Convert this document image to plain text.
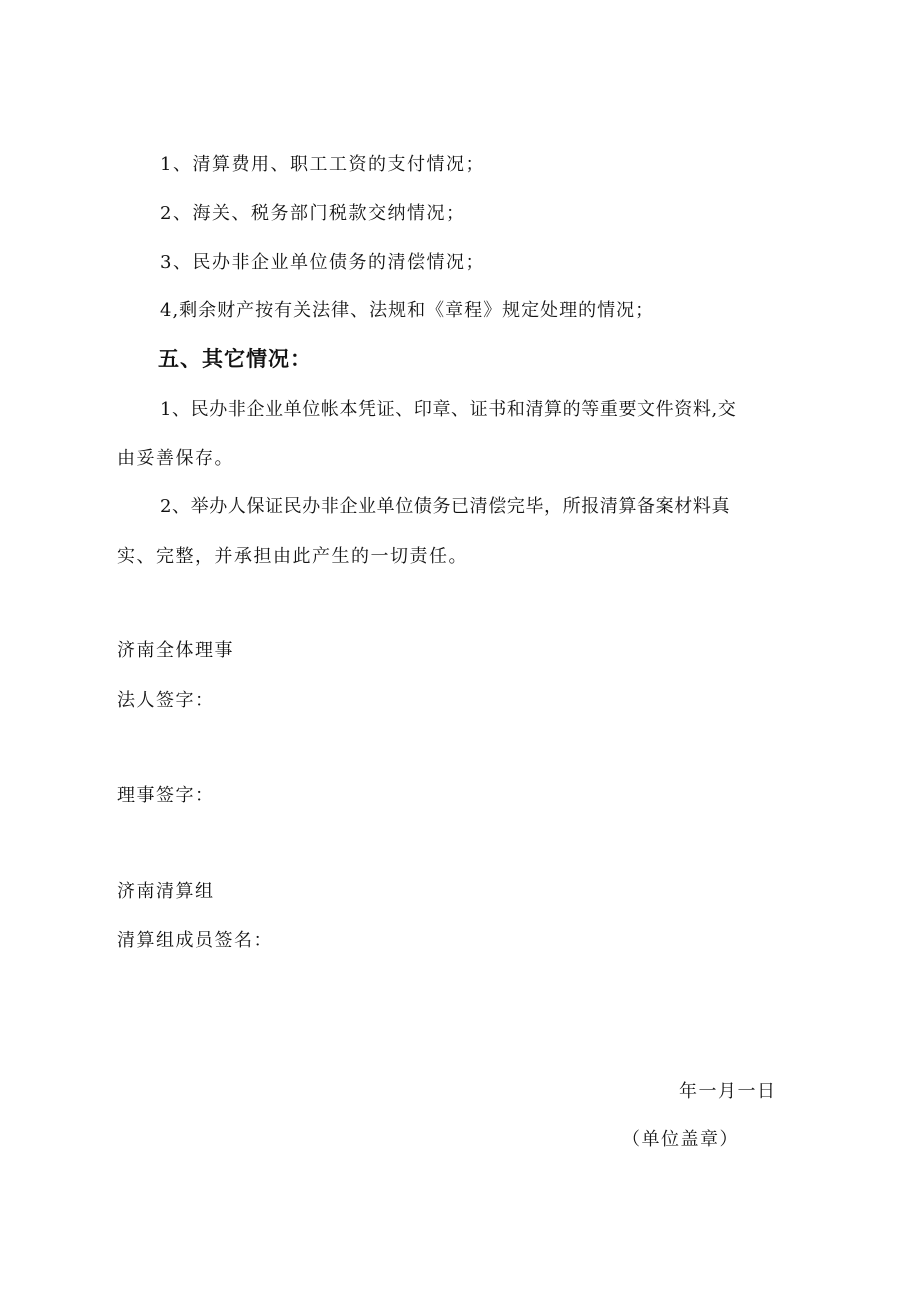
1、清算费用、职工工资的支付情况；
2、海关、税务部门税款交纳情况；
3、民办非企业单位债务的清偿情况；
4,剩余财产按有关法律、法规和《章程》规定处理的情况；
五、其它情况：
1、民办非企业单位帐本凭证、印章、证书和清算的等重要文件资料,交
由妥善保存。
2、举办人保证民办非企业单位债务已清偿完毕，所报清算备案材料真
实、完整，并承担由此产生的一切责任。
济南全体理事
法人签字：
理事签字：
济南清算组
清算组成员签名：
年一月一日
（单位盖章）
